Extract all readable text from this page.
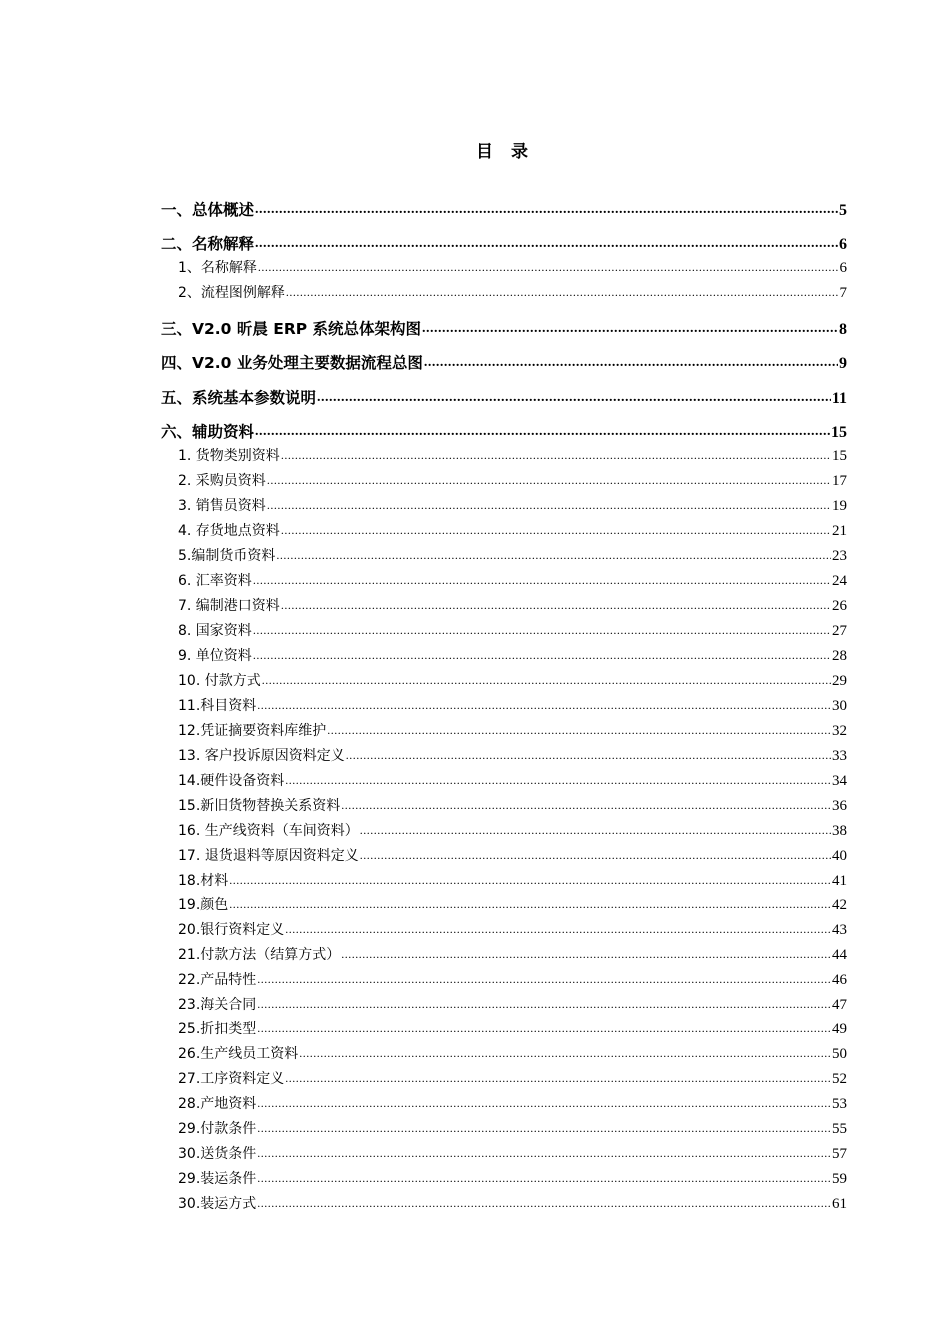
目 录
一、总体概述 .....	5
二、名称解释 .....	6
1、名称解释 .....	6
2、流程图例解释 .....	7
三、V2.0 昕晨 ERP 系统总体架构图 .....	8
四、V2.0 业务处理主要数据流程总图 .....	9
五、系统基本参数说明 .....	11
六、辅助资料 .....	15
1. 货物类别资料 .....	15
2. 采购员资料 .....	17
3. 销售员资料 .....	19
4. 存货地点资料 .....	21
5.编制货币资料 .....	23
6. 汇率资料 .....	24
7. 编制港口资料 .....	26
8. 国家资料 .....	27
9. 单位资料 .....	28
10. 付款方式 .....	29
11.科目资料 .....	30
12.凭证摘要资料库维护 .....	32
13. 客户投诉原因资料定义 .....	33
14.硬件设备资料 .....	34
15.新旧货物替换关系资料 .....	36
16. 生产线资料（车间资料） .....	38
17. 退货退料等原因资料定义 .....	40
18.材料 .....	41
19.颜色 .....	42
20.银行资料定义 .....	43
21.付款方法（结算方式） .....	44
22.产品特性 .....	46
23.海关合同 .....	47
25.折扣类型 .....	49
26.生产线员工资料 .....	50
27.工序资料定义 .....	52
28.产地资料 .....	53
29.付款条件 .....	55
30.送货条件 .....	57
29.装运条件 .....	59
30.装运方式 .....	61
